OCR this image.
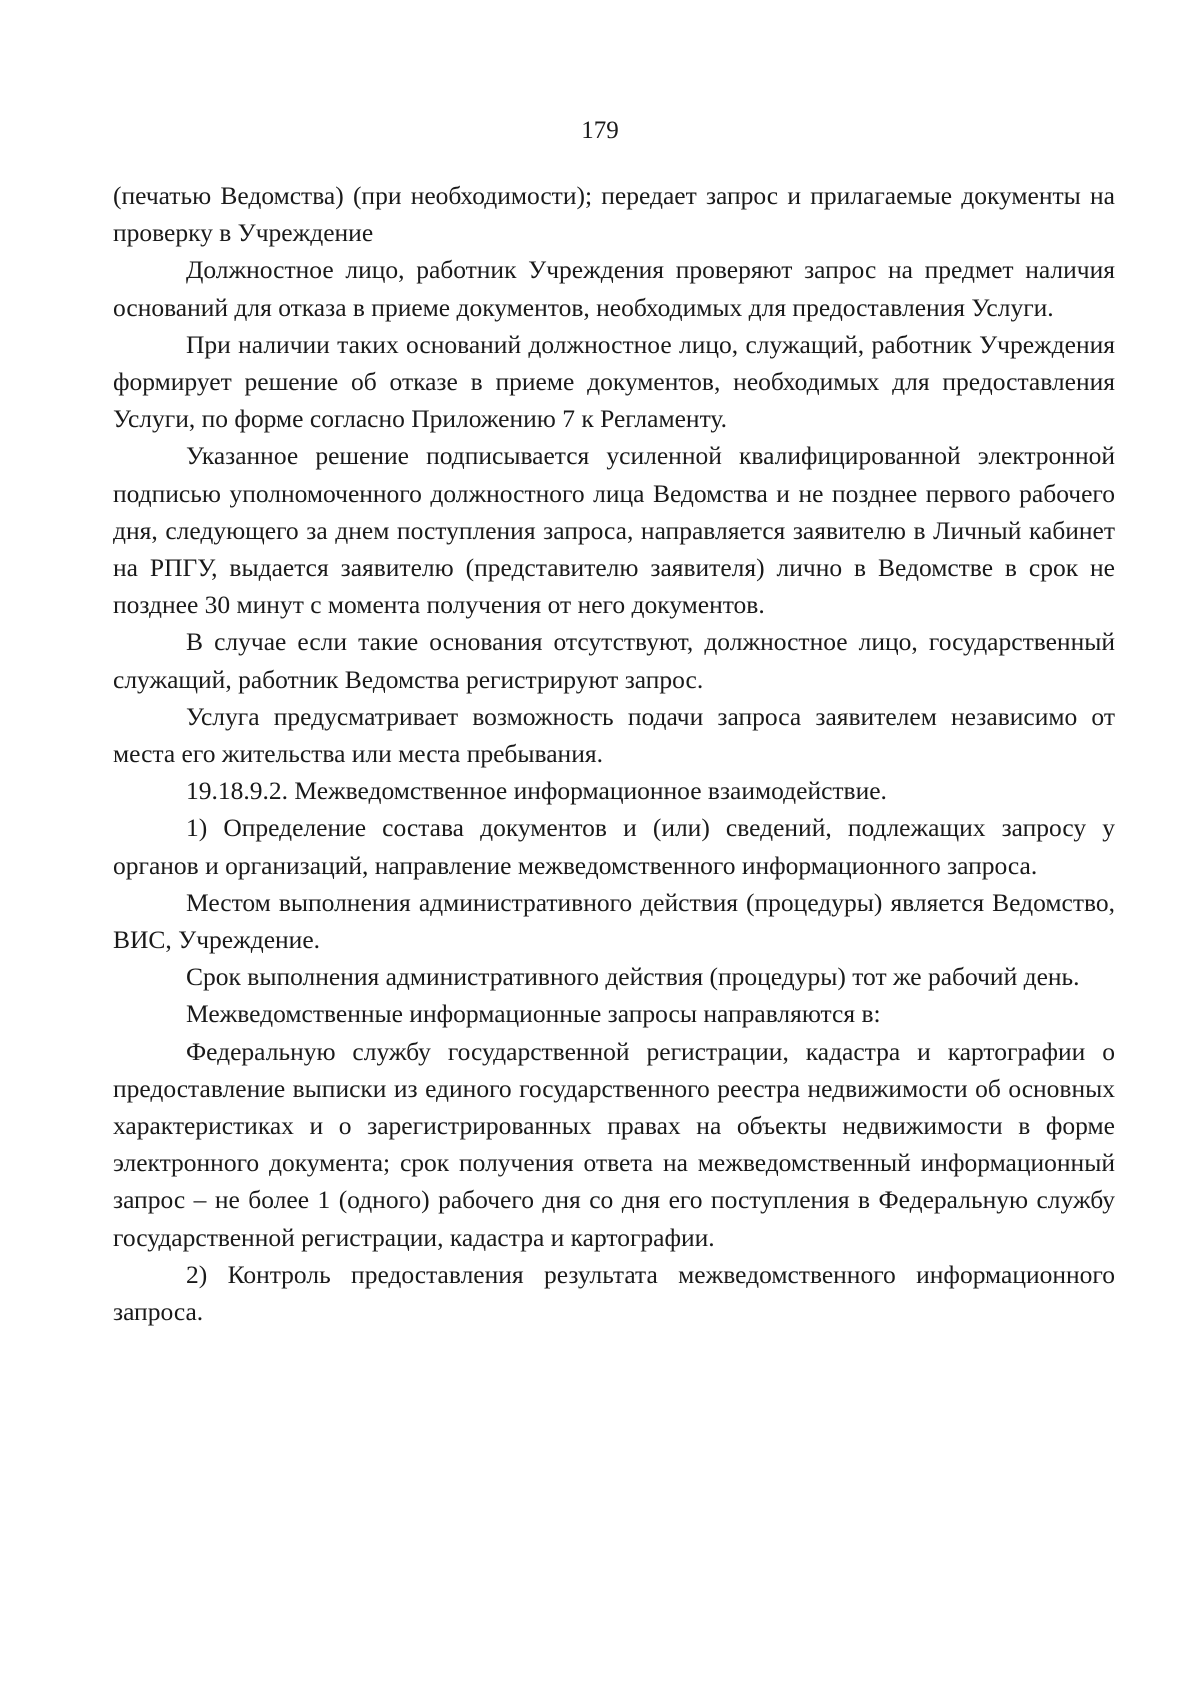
179

(печатью Ведомства) (при необходимости); передает запрос и прилагаемые документы на проверку в Учреждение

Должностное лицо, работник Учреждения проверяют запрос на предмет наличия оснований для отказа в приеме документов, необходимых для предоставления Услуги.

При наличии таких оснований должностное лицо, служащий, работник Учреждения формирует решение об отказе в приеме документов, необходимых для предоставления Услуги, по форме согласно Приложению 7 к Регламенту.

Указанное решение подписывается усиленной квалифицированной электронной подписью уполномоченного должностного лица Ведомства и не позднее первого рабочего дня, следующего за днем поступления запроса, направляется заявителю в Личный кабинет на РПГУ, выдается заявителю (представителю заявителя) лично в Ведомстве в срок не позднее 30 минут с момента получения от него документов.

В случае если такие основания отсутствуют, должностное лицо, государственный служащий, работник Ведомства регистрируют запрос.

Услуга предусматривает возможность подачи запроса заявителем независимо от места его жительства или места пребывания.

19.18.9.2. Межведомственное информационное взаимодействие.

1) Определение состава документов и (или) сведений, подлежащих запросу у органов и организаций, направление межведомственного информационного запроса.

Местом выполнения административного действия (процедуры) является Ведомство, ВИС, Учреждение.

Срок выполнения административного действия (процедуры) тот же рабочий день.

Межведомственные информационные запросы направляются в:

Федеральную службу государственной регистрации, кадастра и картографии о предоставление выписки из единого государственного реестра недвижимости об основных характеристиках и о зарегистрированных правах на объекты недвижимости в форме электронного документа; срок получения ответа на межведомственный информационный запрос – не более 1 (одного) рабочего дня со дня его поступления в Федеральную службу государственной регистрации, кадастра и картографии.

2) Контроль предоставления результата межведомственного информационного запроса.
